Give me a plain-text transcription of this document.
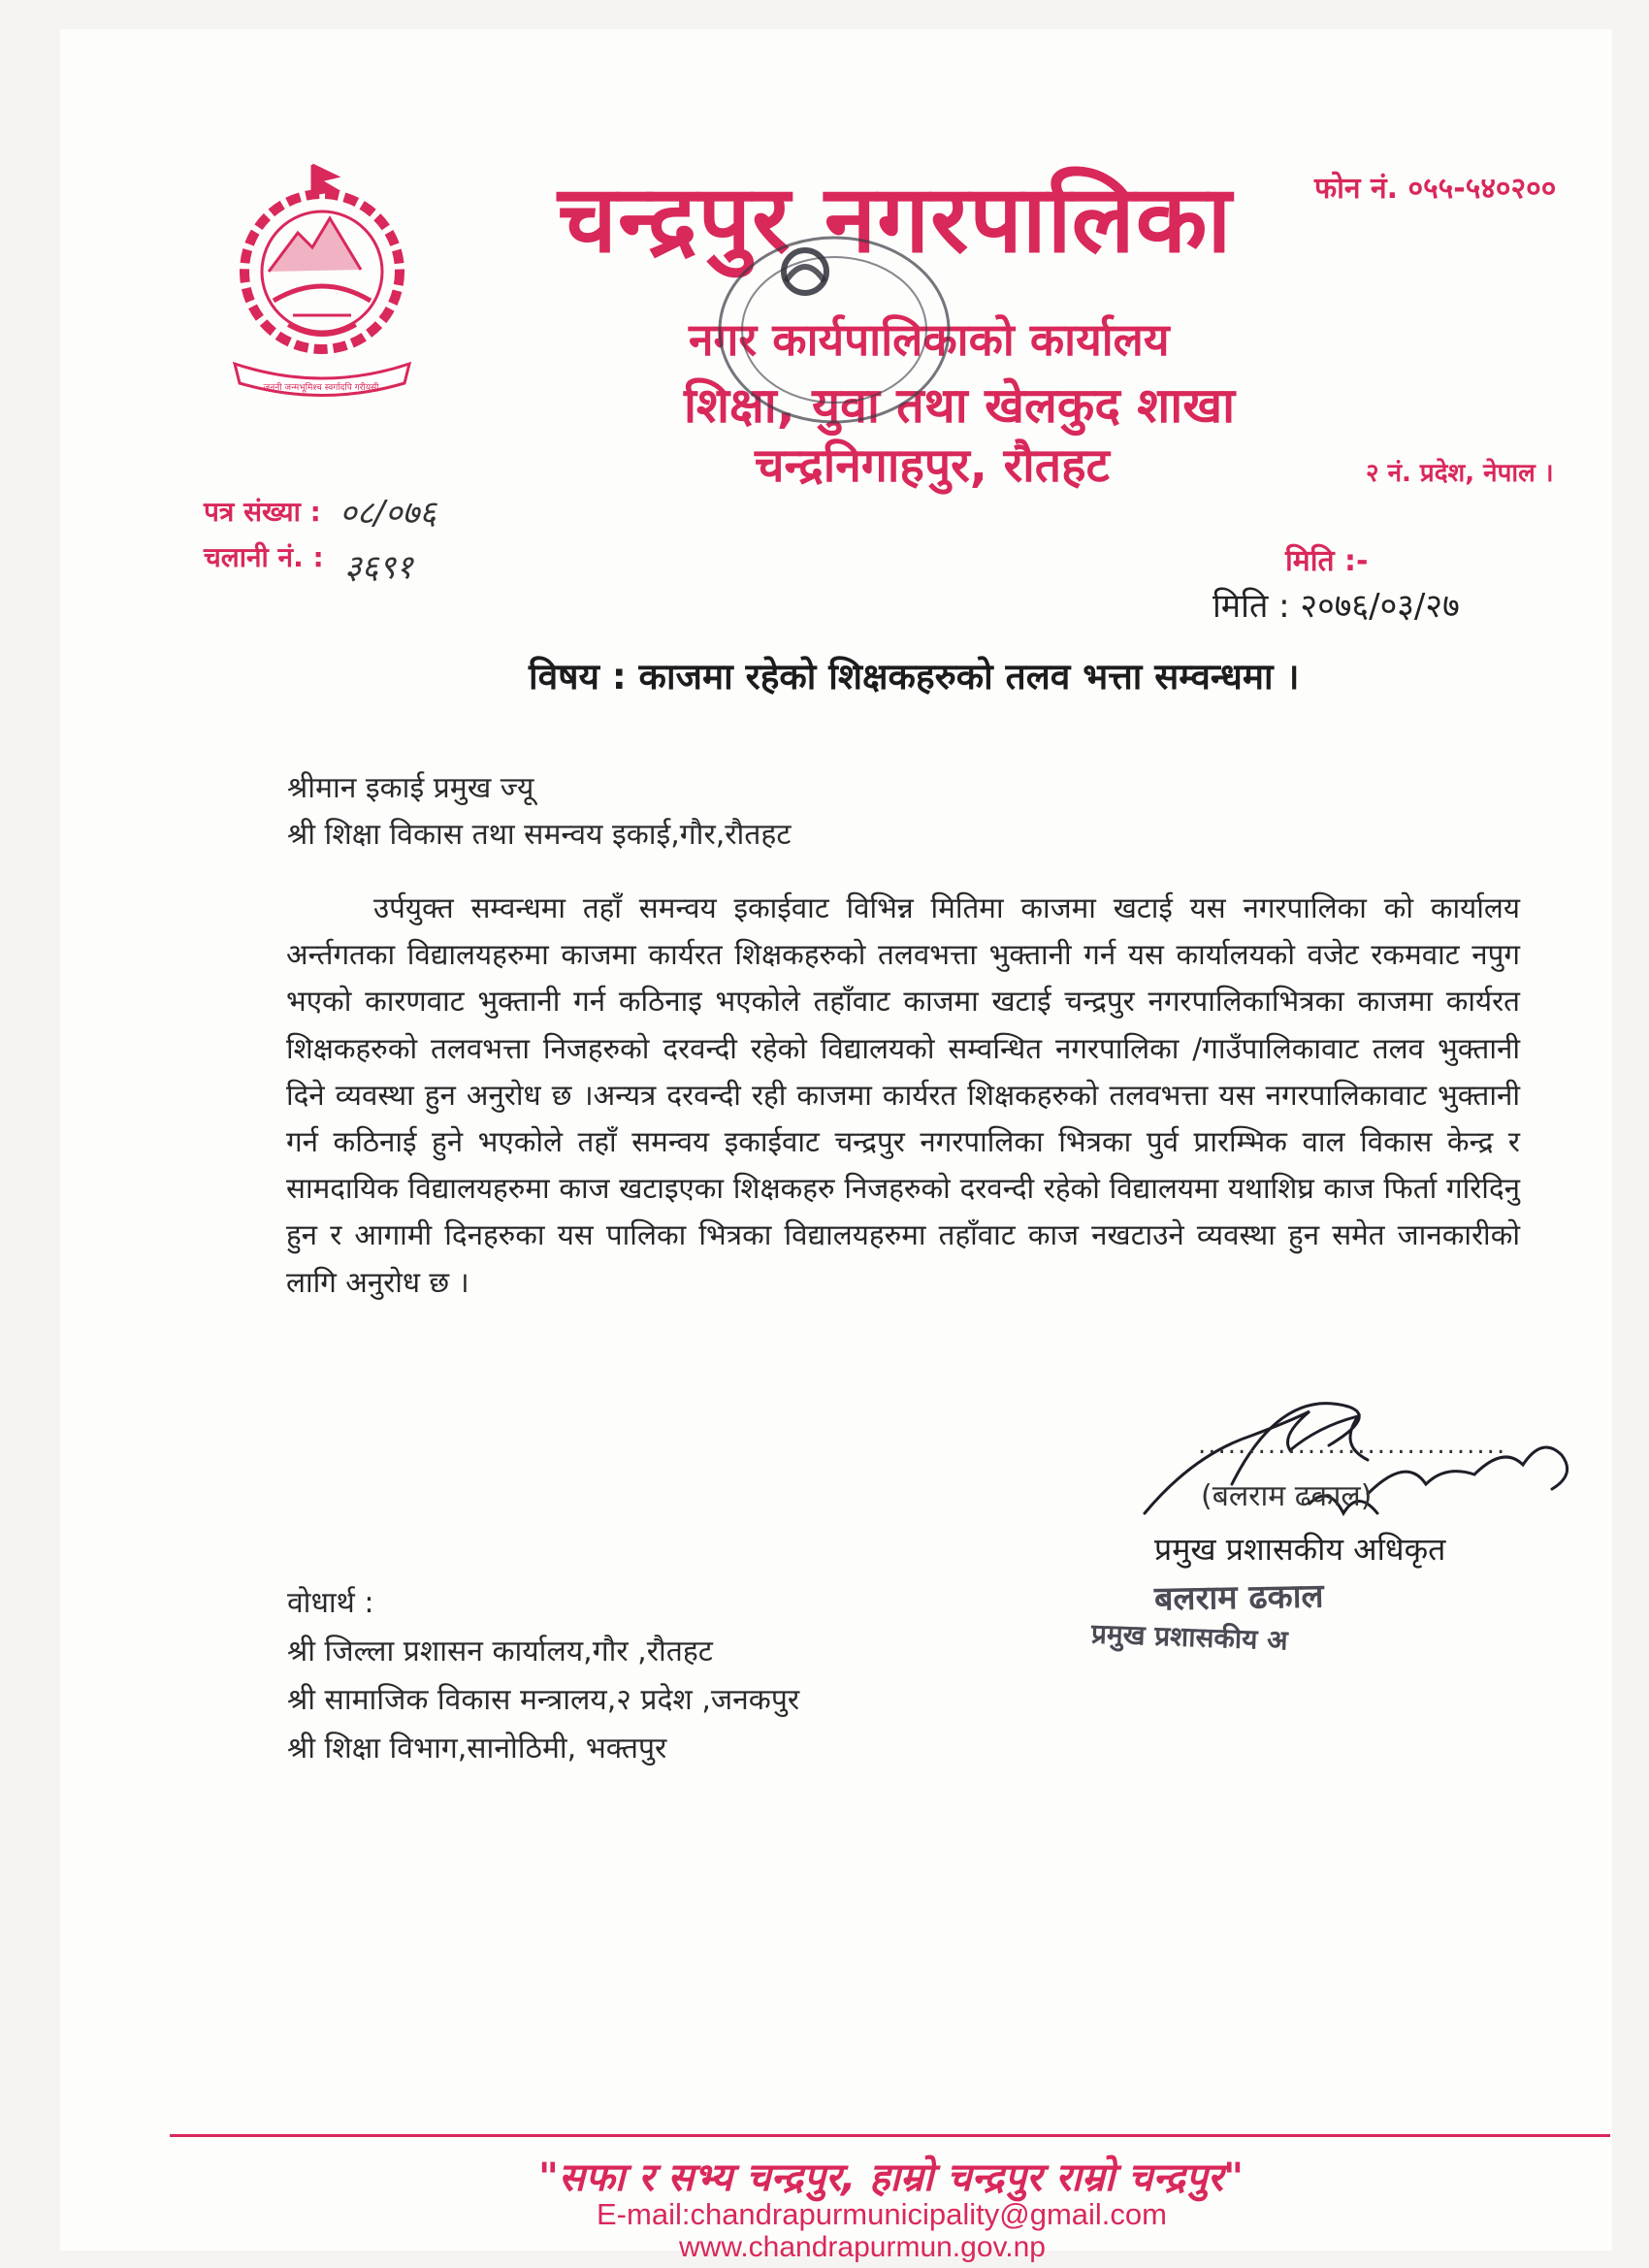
जननी जन्मभूमिश्च स्वर्गादपि गरीयसी
चन्द्रपुर नगरपालिका	फोन नं. ०५५-५४०२००
नगर कार्यपालिकाको कार्यालय
शिक्षा, युवा तथा खेलकुद शाखा
चन्द्रनिगाहपुर, रौतहट	२ नं. प्रदेश, नेपाल ।
पत्र संख्या : ०८/०७६
चलानी नं. : ३६९१	मिति :-
मिति : २०७६/०३/२७
विषय : काजमा रहेको शिक्षकहरुको तलव भत्ता सम्वन्धमा ।
श्रीमान इकाई प्रमुख ज्यू
श्री शिक्षा विकास तथा समन्वय इकाई,गौर,रौतहट
उर्पयुक्त सम्वन्धमा तहाँ समन्वय इकाईवाट विभिन्न मितिमा काजमा खटाई यस नगरपालिका को कार्यालय अर्न्तगतका विद्यालयहरुमा काजमा कार्यरत शिक्षकहरुको तलवभत्ता भुक्तानी गर्न यस कार्यालयको वजेट रकमवाट नपुग भएको कारणवाट भुक्तानी गर्न कठिनाइ भएकोले तहाँवाट काजमा खटाई चन्द्रपुर नगरपालिकाभित्रका काजमा कार्यरत शिक्षकहरुको तलवभत्ता निजहरुको दरवन्दी रहेको विद्यालयको सम्वन्धित नगरपालिका /गाउँपालिकावाट तलव भुक्तानी दिने व्यवस्था हुन अनुरोध छ ।अन्यत्र दरवन्दी रही काजमा कार्यरत शिक्षकहरुको तलवभत्ता यस नगरपालिकावाट भुक्तानी गर्न कठिनाई हुने भएकोले तहाँ समन्वय इकाईवाट चन्द्रपुर नगरपालिका भित्रका पुर्व प्रारम्भिक वाल विकास केन्द्र र सामदायिक विद्यालयहरुमा काज खटाइएका शिक्षकहरु निजहरुको दरवन्दी रहेको विद्यालयमा यथाशिघ्र काज फिर्ता गरिदिनु हुन र आगामी दिनहरुका यस पालिका भित्रका विद्यालयहरुमा तहाँवाट काज नखटाउने व्यवस्था हुन समेत जानकारीको लागि अनुरोध छ ।
...............................
(बलराम ढकाल)
प्रमुख प्रशासकीय अधिकृत
बलराम ढकाल
प्रमुख प्रशासकीय अ
वोधार्थ :
श्री जिल्ला प्रशासन कार्यालय,गौर ,रौतहट
श्री सामाजिक विकास मन्त्रालय,२ प्रदेश ,जनकपुर
श्री शिक्षा विभाग,सानोठिमी, भक्तपुर
"सफा र सभ्य चन्द्रपुर, हाम्रो चन्द्रपुर राम्रो चन्द्रपुर"
E-mail:chandrapurmunicipality@gmail.com
www.chandrapurmun.gov.np
